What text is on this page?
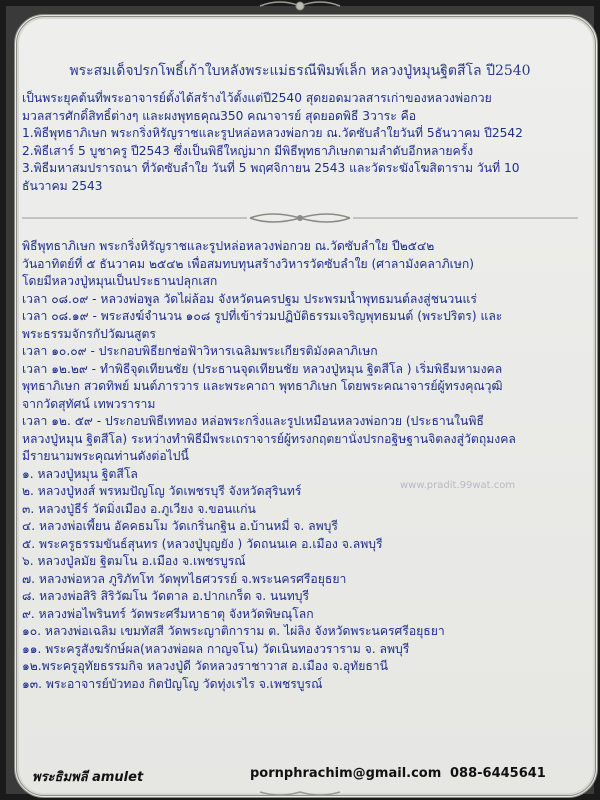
พระสมเด็จปรกโพธิ์เก้าใบหลังพระแม่ธรณีพิมพ์เล็ก หลวงปู่หมุนฐิตสีโล ปี2540
เป็นพระยุคต้นที่พระอาจารย์ตั้งได้สร้างไว้ตั้งแต่ปี2540 สุดยอดมวลสารเก่าของหลวงพ่อกวย
มวลสารศักดิ์สิทธิ์ต่างๆ และผงพุทธคุณ350 คณาจารย์ สุดยอดพิธี 3วาระ คือ
1.พิธีพุทธาภิเษก พระกริ่งหิรัญราชและรูปหล่อหลวงพ่อกวย ณ.วัดซับลำใยวันที่ 5ธันวาคม ปี2542
2.พิธีเสาร์ 5 บูชาครู ปี2543 ซึ่งเป็นพิธีใหญ่มาก มีพิธีพุทธาภิเษกตามลำดับอีกหลายครั้ง
3.พิธีมหาสมปรารถนา ที่วัดซับลำใย วันที่ 5 พฤศจิกายน 2543 และวัดระฆังโฆสิตาราม วันที่ 10
ธันวาคม 2543
พิธีพุทธาภิเษก พระกริ่งหิรัญราชและรูปหล่อหลวงพ่อกวย ณ.วัดซับลำใย ปี๒๕๔๒
วันอาทิตย์ที่ ๕ ธันวาคม ๒๕๔๒ เพื่อสมทบทุนสร้างวิหารวัดซับลำใย (ศาลามังคลาภิเษก)
โดยมีหลวงปู่หมุนเป็นประธานปลุกเสก
เวลา ๐๘.๐๙ - หลวงพ่อพูล วัดไผ่ล้อม จังหวัดนครปฐม ประพรมน้ำพุทธมนต์ลงสู่ชนวนแร่
เวลา ๐๘.๑๙ - พระสงฆ์จำนวน ๑๐๘ รูปที่เข้าร่วมปฏิบัติธรรมเจริญพุทธมนต์ (พระปริตร) และ
พระธรรมจักรกัปวัฒนสูตร
เวลา ๑๐.๐๙ - ประกอบพิธียกช่อฟ้าวิหารเฉลิมพระเกียรติมังคลาภิเษก
เวลา ๑๒.๒๙ - ทำพิธีจุดเทียนชัย (ประธานจุดเทียนชัย หลวงปู่หมุน ฐิตสีโล ) เริ่มพิธีมหามงคล
พุทธาภิเษก สวดทิพย์ มนต์ภารวาร และพระคาถา พุทธาภิเษก โดยพระคณาจารย์ผู้ทรงคุณวุฒิ
จากวัดสุทัศน์ เทพวราราม
เวลา ๑๒. ๕๙ - ประกอบพิธีเททอง หล่อพระกริ่งและรูปเหมือนหลวงพ่อกวย (ประธานในพิธี
หลวงปู่หมุน ฐิตสีโล) ระหว่างทำพิธีมีพระเถราจารย์ผู้ทรงกฤตยานั่งปรกอฐิษฐานจิตลงสู่วัตถุมงคล
มีรายนามพระคุณท่านดังต่อไปนี้
๑. หลวงปู่หมุน ฐิตสีโล
๒. หลวงปู่หงส์ พรหมปัญโญ วัดเพชรบุรี จังหวัดสุรินทร์
๓. หลวงปู่ธีร์ วัดมิ่งเมือง อ.ภูเวียง จ.ขอนแก่น
๔. หลวงพ่อเพี้ยน อัคคธมโม วัดเกริ่นกฐิน อ.บ้านหมี่ จ. ลพบุรี
๕. พระครูธรรมขันธ์สุนทร (หลวงปู่บุญยัง ) วัดถนนเค อ.เมือง จ.ลพบุรี
๖. หลวงปู่ลมัย ฐิตมโน อ.เมือง จ.เพชรบูรณ์
๗. หลวงพ่อหวล ภูริภัทโท วัดพุทไธศวรรย์ จ.พระนครศรีอยุธยา
๘. หลวงพ่อสิริ สิริวัฒโน วัดตาล อ.ปากเกร็ด จ. นนทบุรี
๙. หลวงพ่อไพรินทร์ วัดพระศรีมหาธาตุ จังหวัดพิษณุโลก
๑๐. หลวงพ่อเฉลิม เขมทัสสี วัดพระญาติการาม ต. ไผ่ลิง จังหวัดพระนครศรีอยุธยา
๑๑. พระครูสังฆรักษ์ผล(หลวงพ่อผล กาญจโน) วัดเนินทองวราราม จ. ลพบุรี
๑๒.พระครูอุทัยธรรมกิจ หลวงปู่ดี วัดหลวงราชาวาส อ.เมือง จ.อุทัยธานี
๑๓. พระอาจารย์บัวทอง กิตปัญโญ วัดทุ่งเรไร จ.เพชรบูรณ์
www.pradit.99wat.com
พระธิมพลี amulet	pornphrachim@gmail.com 088-6445641
